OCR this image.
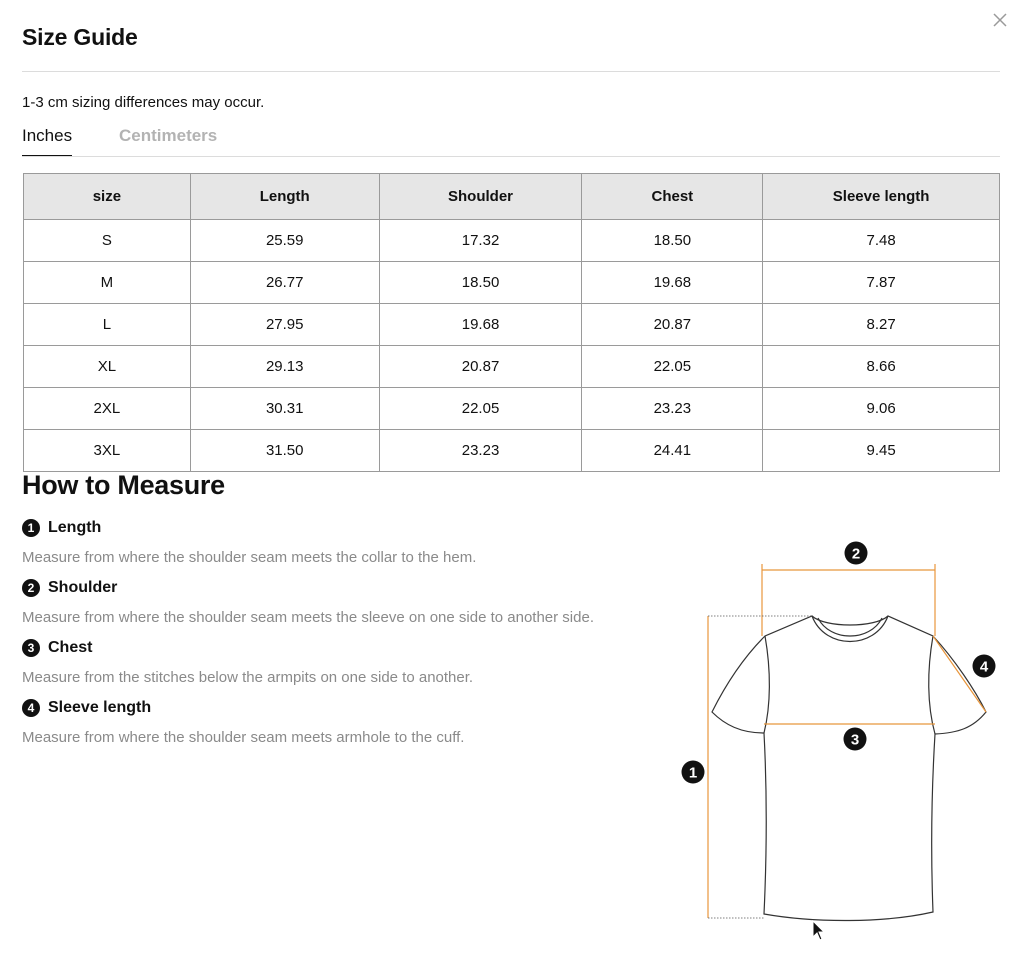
Size Guide
1-3 cm sizing differences may occur.
Inches	Centimeters
size	Length	Shoulder	Chest	Sleeve length
S	25.59	17.32	18.50	7.48
M	26.77	18.50	19.68	7.87
L	27.95	19.68	20.87	8.27
XL	29.13	20.87	22.05	8.66
2XL	30.31	22.05	23.23	9.06
3XL	31.50	23.23	24.41	9.45
How to Measure
1 Length
Measure from where the shoulder seam meets the collar to the hem.
2 Shoulder
Measure from where the shoulder seam meets the sleeve on one side to another side.
3 Chest
Measure from the stitches below the armpits on one side to another.
4 Sleeve length
Measure from where the shoulder seam meets armhole to the cuff.
1
2
3
4
